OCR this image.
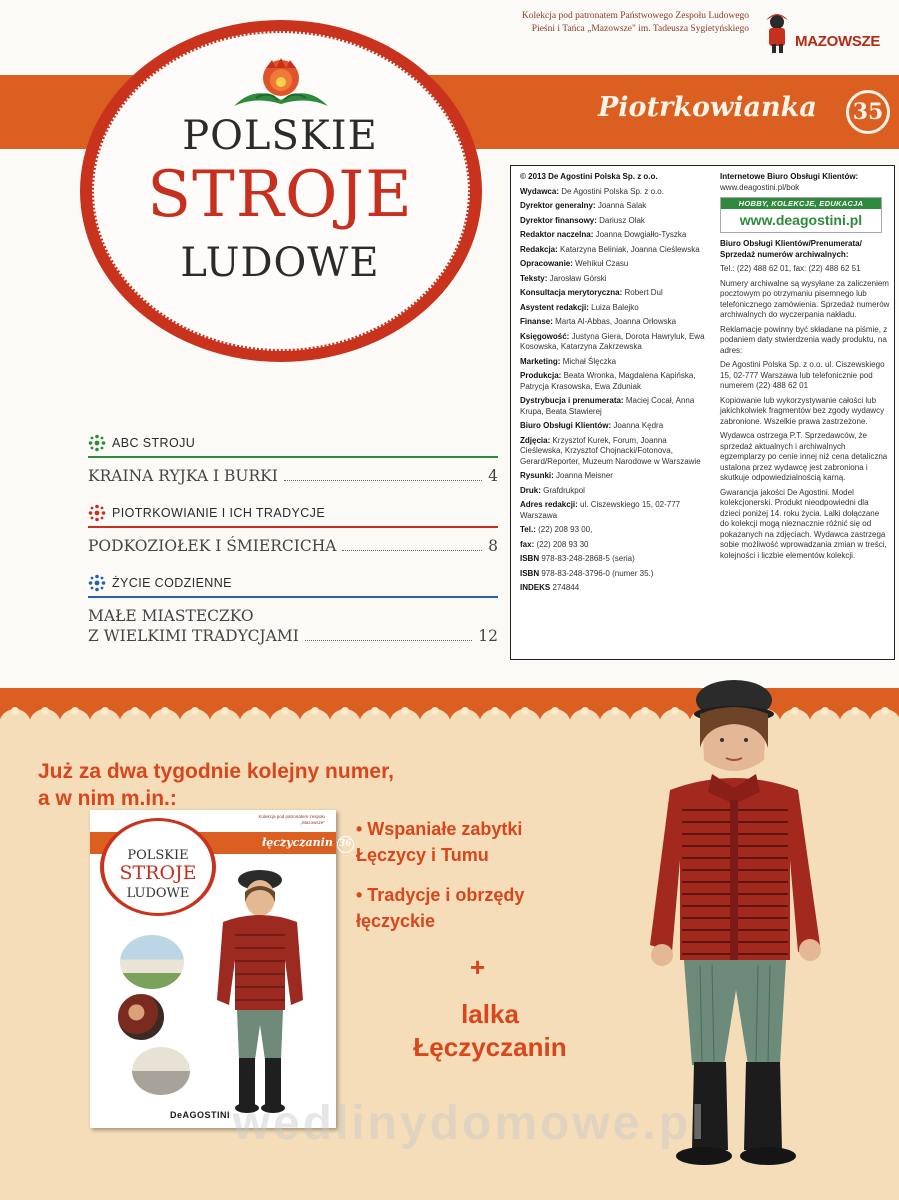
Kolekcja pod patronatem Państwowego Zespołu Ludowego
Pieśni i Tańca „Mazowsze" im. Tadeusza Sygietyńskiego
MAZOWSZE
Piotrkowianka	35
POLSKIE
STROJE
LUDOWE
ABC STROJU
KRAINA RYJKA I BURKI	4
PIOTRKOWIANIE I ICH TRADYCJE
PODKOZIOŁEK I ŚMIERCICHA	8
ŻYCIE CODZIENNE
MAŁE MIASTECZKO
Z WIELKIMI TRADYCJAMI	12

© 2013 De Agostini Polska Sp. z o.o.

Wydawca: De Agostini Polska Sp. z o.o.

Dyrektor generalny: Joanna Salak

Dyrektor finansowy: Dariusz Olak

Redaktor naczelna: Joanna Dowgiałło-Tyszka

Redakcja: Katarzyna Beliniak, Joanna Cieślewska

Opracowanie: Wehikuł Czasu

Teksty: Jarosław Górski

Konsultacja merytoryczna: Robert Dul

Asystent redakcji: Luiza Balejko

Finanse: Marta Al-Abbas, Joanna Orłowska

Księgowość: Justyna Giera, Dorota Hawryluk, Ewa Kosowska, Katarzyna Zakrzewska

Marketing: Michał Ślęczka

Produkcja: Beata Wronka, Magdalena Kapińska, Patrycja Krasowska, Ewa Zduniak

Dystrybucja i prenumerata: Maciej Cocał, Anna Krupa, Beata Stawierej

Biuro Obsługi Klientów: Joanna Kędra

Zdjęcia: Krzysztof Kurek, Forum, Joanna Cieślewska, Krzysztof Chojnacki/Fotonova, Gerard/Reporter, Muzeum Narodowe w Warszawie

Rysunki: Joanna Meisner

Druk: Grafdrukpol

Adres redakcji: ul. Ciszewskiego 15, 02-777 Warszawa

Tel.: (22) 208 93 00,

fax: (22) 208 93 30

ISBN 978-83-248-2868-5 (seria)

ISBN 978-83-248-3796-0 (numer 35.)

INDEKS 274844

Internetowe Biuro Obsługi Klientów:
www.deagostini.pl/bok

HOBBY, KOLEKCJE, EDUKACJA
www.deagostini.pl

Biuro Obsługi Klientów/Prenumerata/ Sprzedaż numerów archiwalnych:

Tel.: (22) 488 62 01, fax: (22) 488 62 51

Numery archiwalne są wysyłane za zaliczeniem pocztowym po otrzymaniu pisemnego lub telefonicznego zamówienia. Sprzedaż numerów archiwalnych do wyczerpania nakładu.

Reklamacje powinny być składane na piśmie, z podaniem daty stwierdzenia wady produktu, na adres:

De Agostini Polska Sp. z o.o. ul. Ciszewskiego 15, 02-777 Warszawa lub telefonicznie pod numerem (22) 488 62 01

Kopiowanie lub wykorzystywanie całości lub jakichkolwiek fragmentów bez zgody wydawcy zabronione. Wszelkie prawa zastrzeżone.

Wydawca ostrzega P.T. Sprzedawców, że sprzedaż aktualnych i archiwalnych egzemplarzy po cenie innej niż cena detaliczna ustalona przez wydawcę jest zabroniona i skutkuje odpowiedzialnością karną.

Gwarancja jakości De Agostini. Model kolekcjonerski. Produkt nieodpowiedni dla dzieci poniżej 14. roku życia. Lalki dołączane do kolekcji mogą nieznacznie różnić się od pokazanych na zdjęciach. Wydawca zastrzega sobie możliwość wprowadzania zmian w treści, kolejności i liczbie elementów kolekcji.

Już za dwa tygodnie kolejny numer,
a w nim m.in.:
Kolekcja pod patronatem zespołu „Mazowsze"
łęczyczanin 36
POLSKIE
STROJE
LUDOWE
DeAGOSTINI
• Wspaniałe zabytki
Łęczycy i Tumu
• Tradycje i obrzędy
łęczyckie
+
lalka
Łęczyczanin
wedlinydomowe.pl
